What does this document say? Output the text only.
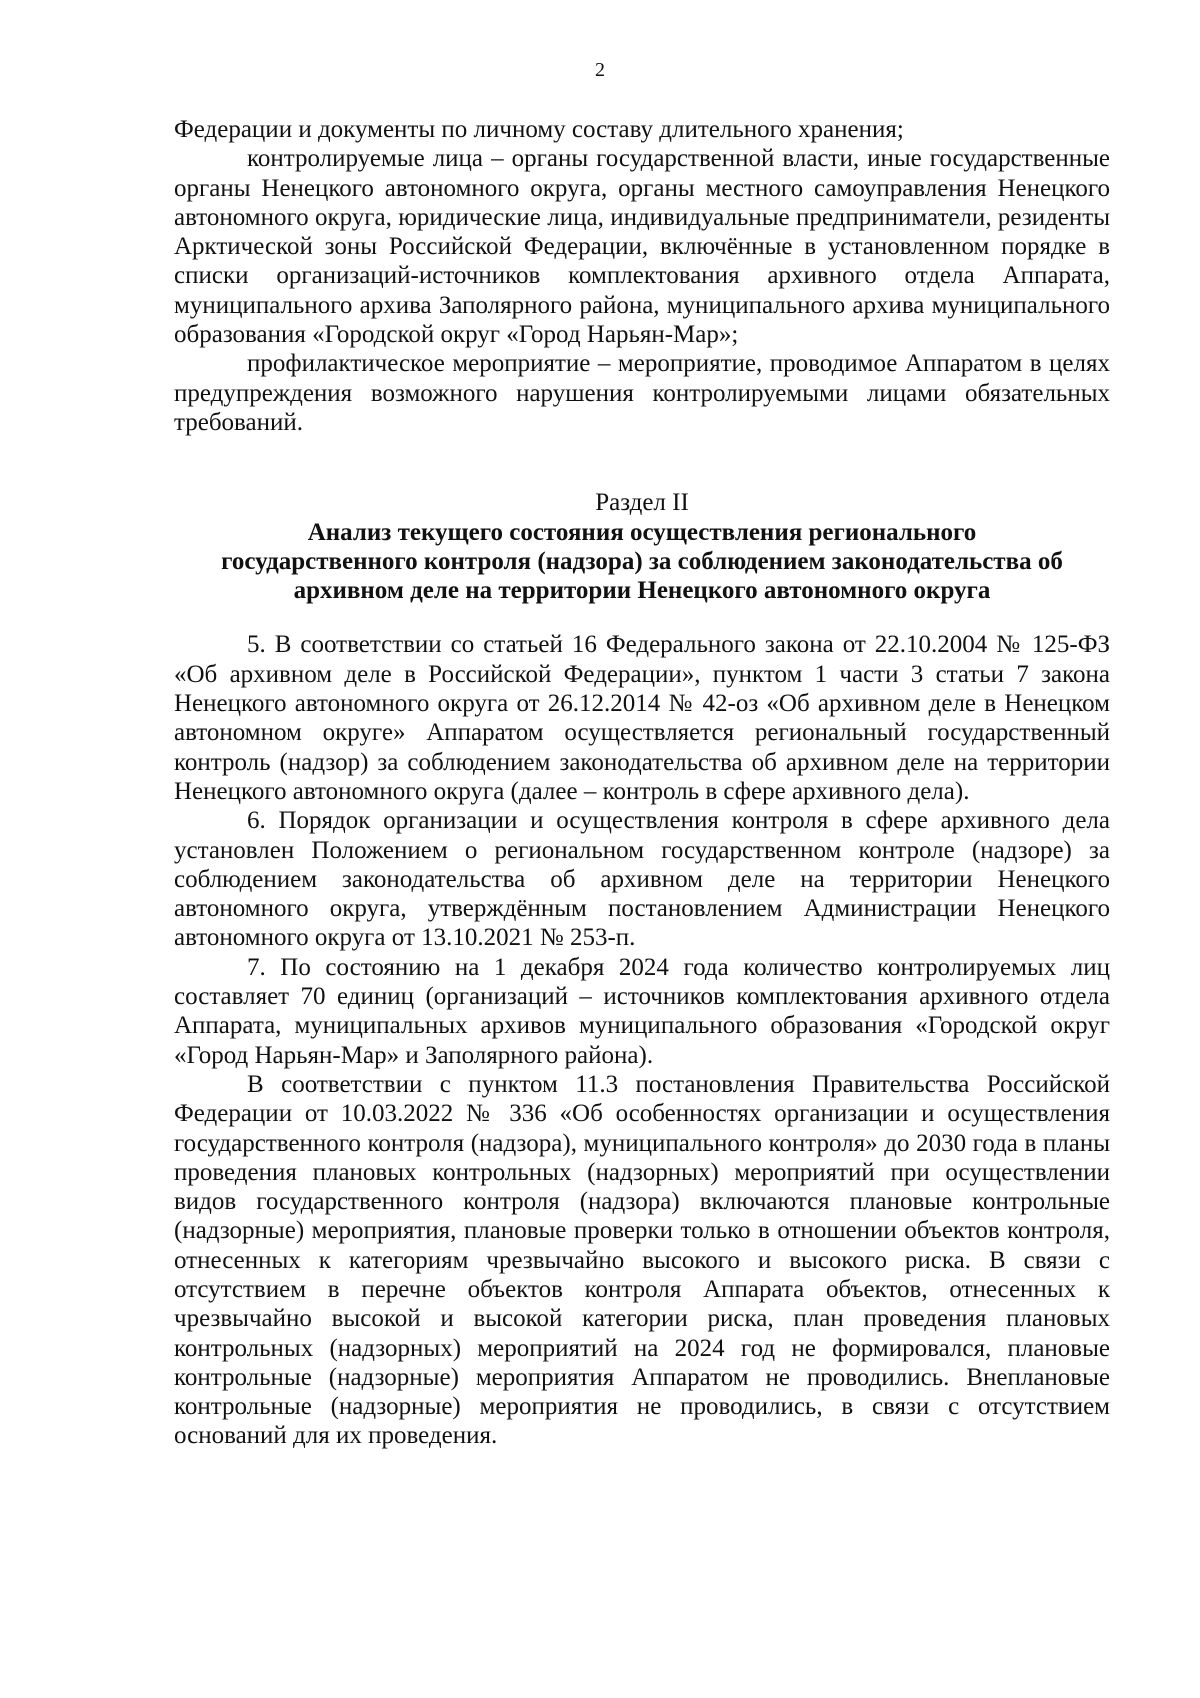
2

Федерации и документы по личному составу длительного хранения;

контролируемые лица – органы государственной власти, иные государственные органы Ненецкого автономного округа, органы местного самоуправления Ненецкого автономного округа, юридические лица, индивидуальные предприниматели, резиденты Арктической зоны Российской Федерации, включённые в установленном порядке в списки организаций-источников комплектования архивного отдела Аппарата, муниципального архива Заполярного района, муниципального архива муниципального образования «Городской округ «Город Нарьян-Мар»;

профилактическое мероприятие – мероприятие, проводимое Аппаратом в целях предупреждения возможного нарушения контролируемыми лицами обязательных требований.

Раздел II
Анализ текущего состояния осуществления регионального государственного контроля (надзора) за соблюдением законодательства об архивном деле на территории Ненецкого автономного округа

5. В соответствии со статьей 16 Федерального закона от 22.10.2004 № 125-ФЗ «Об архивном деле в Российской Федерации», пунктом 1 части 3 статьи 7 закона Ненецкого автономного округа от 26.12.2014 № 42-оз «Об архивном деле в Ненецком автономном округе» Аппаратом осуществляется региональный государственный контроль (надзор) за соблюдением законодательства об архивном деле на территории Ненецкого автономного округа (далее – контроль в сфере архивного дела).

6. Порядок организации и осуществления контроля в сфере архивного дела установлен Положением о региональном государственном контроле (надзоре) за соблюдением законодательства об архивном деле на территории Ненецкого автономного округа, утверждённым постановлением Администрации Ненецкого автономного округа от 13.10.2021 № 253-п.

7. По состоянию на 1 декабря 2024 года количество контролируемых лиц составляет 70 единиц (организаций – источников комплектования архивного отдела Аппарата, муниципальных архивов муниципального образования «Городской округ «Город Нарьян-Мар» и Заполярного района).

В соответствии с пунктом 11.3 постановления Правительства Российской Федерации от 10.03.2022 № 336 «Об особенностях организации и осуществления государственного контроля (надзора), муниципального контроля» до 2030 года в планы проведения плановых контрольных (надзорных) мероприятий при осуществлении видов государственного контроля (надзора) включаются плановые контрольные (надзорные) мероприятия, плановые проверки только в отношении объектов контроля, отнесенных к категориям чрезвычайно высокого и высокого риска. В связи с отсутствием в перечне объектов контроля Аппарата объектов, отнесенных к чрезвычайно высокой и высокой категории риска, план проведения плановых контрольных (надзорных) мероприятий на 2024 год не формировался, плановые контрольные (надзорные) мероприятия Аппаратом не проводились. Внеплановые контрольные (надзорные) мероприятия не проводились, в связи с отсутствием оснований для их проведения.
